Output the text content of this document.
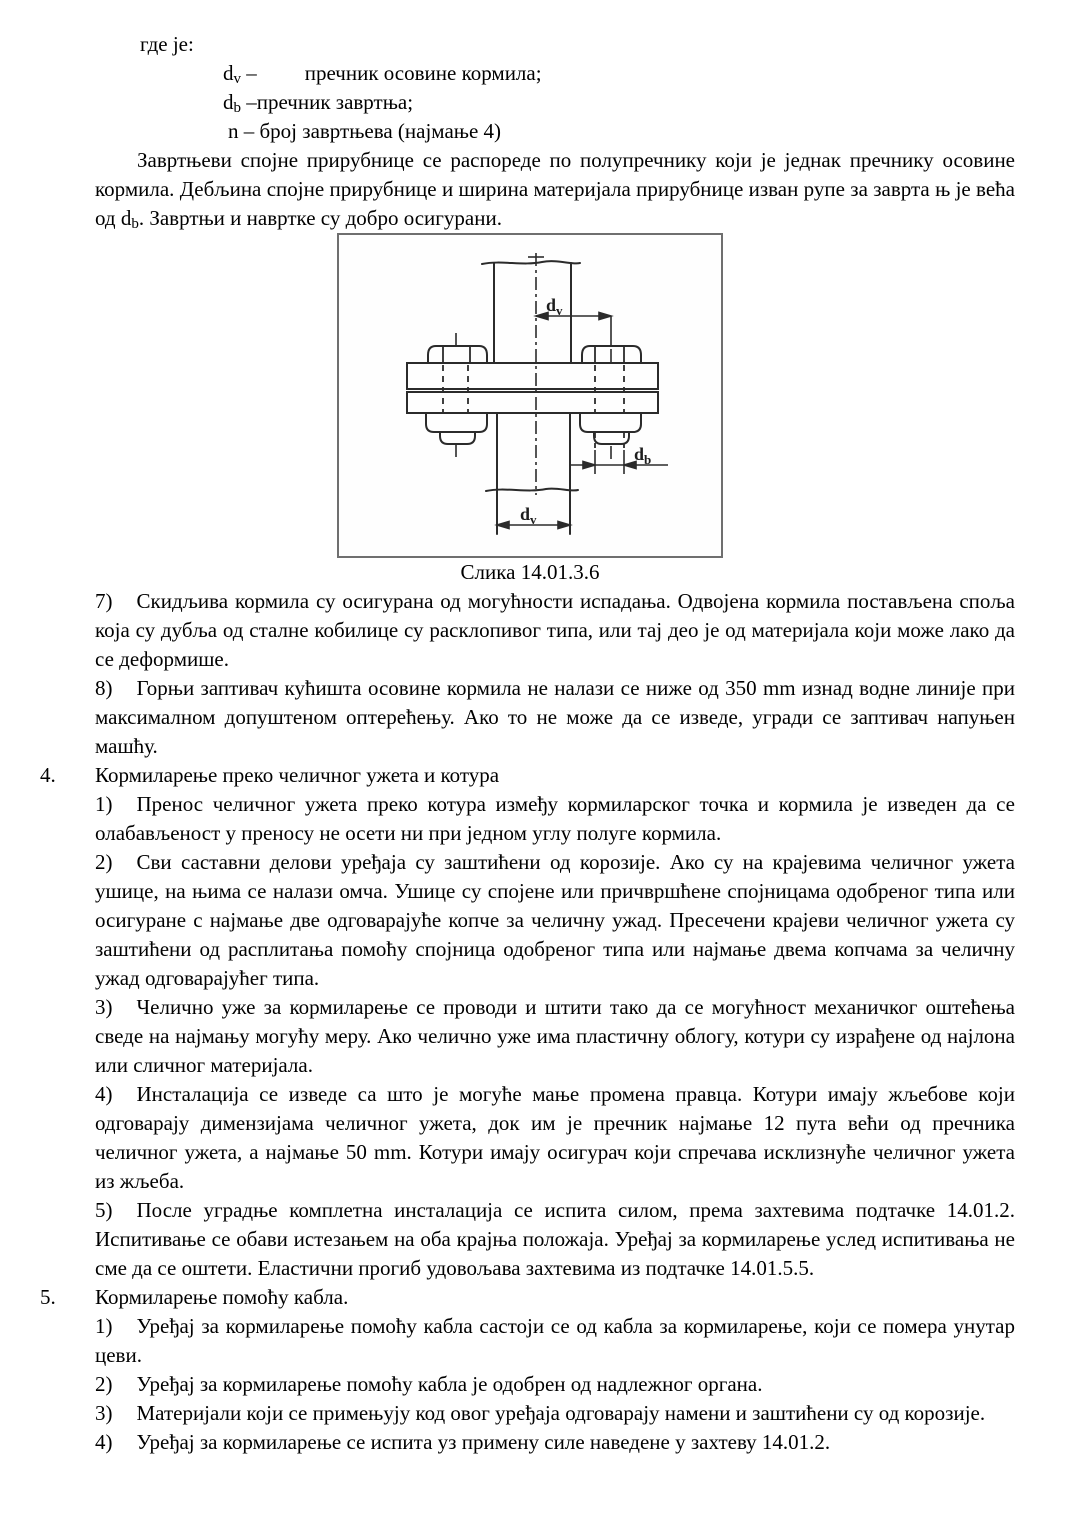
где је:
dv – пречник осовине кормила;
db –пречник завртња;
n – број завртњева (најмање 4)

Завртњеви спојне прирубнице се распореде по полупречнику који је једнак пречнику осовине кормила. Дебљина спојне прирубнице и ширина материјала прирубнице изван рупе за заврта њ је већа од db. Завртњи и навртке су добро осигурани.

$d_v$
$d_v$
$d_b$
Слика 14.01.3.6

7) Скидљива кормила су осигурана од могућности испадања. Одвојена кормила постављена споља која су дубља од сталне кобилице су расклопивог типа, или тај део је од материјала који може лако да се деформише.

8) Горњи заптивач кућишта осовине кормила не налази се ниже од 350 mm изнад водне линије при максималном допуштеном оптерећењу. Ако то не може да се изведе, угради се заптивач напуњен машћу.

4. Кормиларење преко челичног ужета и котура

1) Пренос челичног ужета преко котура између кормиларског точка и кормила је изведен да се олабављеност у преносу не осети ни при једном углу полуге кормила.

2) Сви саставни делови уређаја су заштићени од корозије. Ако су на крајевима челичног ужета ушице, на њима се налази омча. Ушице су спојене или причвршћене спојницама одобреног типа или осигуране с најмање две одговарајуће копче за челичну ужад. Пресечени крајеви челичног ужета су заштићени од расплитања помоћу спојница одобреног типа или најмање двема копчама за челичну ужад одговарајућег типа.

3) Челично уже за кормиларење се проводи и штити тако да се могућност механичког оштећења сведе на најмању могућу меру. Ако челично уже има пластичну облогу, котури су израђене од најлона или сличног материјала.

4) Инсталација се изведе са што је могуће мање промена правца. Котури имају жљебове који одговарају димензијама челичног ужета, док им је пречник најмање 12 пута већи од пречника челичног ужета, а најмање 50 mm. Котури имају осигурач који спречава исклизнуће челичног ужета из жљеба.

5) После уградње комплетна инсталација се испита силом, према захтевима подтачке 14.01.2. Испитивање се обави истезањем на оба крајња положаја. Уређај за кормиларење услед испитивања не сме да се оштети. Еластични прогиб удовољава захтевима из подтачке 14.01.5.5.

5. Кормиларење помоћу кабла.

1) Уређај за кормиларење помоћу кабла састоји се од кабла за кормиларење, који се помера унутар цеви.

2) Уређај за кормиларење помоћу кабла је одобрен од надлежног органа.

3) Материјали који се примењују код овог уређаја одговарају намени и заштићени су од корозије.

4) Уређај за кормиларење се испита уз примену силе наведене у захтеву 14.01.2.
